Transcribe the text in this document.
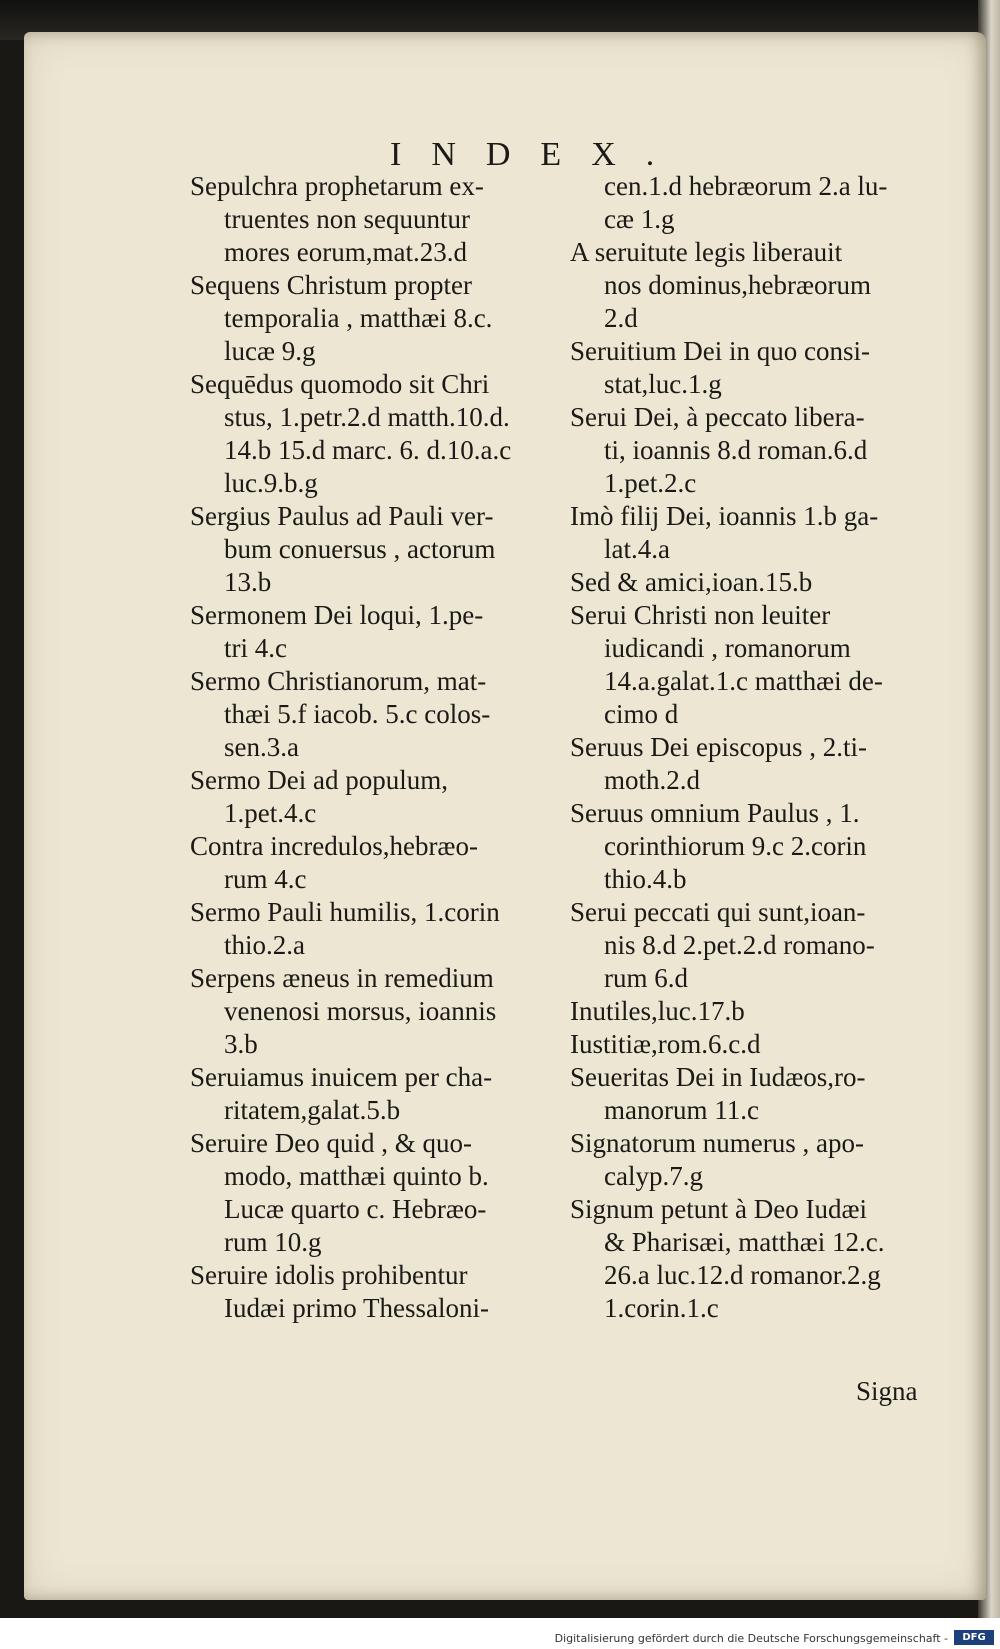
INDEX.
Sepulchra prophetarum ex-
truentes non sequuntur
mores eorum,mat.23.d
Sequens Christum propter
temporalia , matthæi 8.c.
lucæ 9.g
Sequēdus quomodo sit Chri
stus, 1.petr.2.d matth.10.d.
14.b 15.d marc. 6. d.10.a.c
luc.9.b.g
Sergius Paulus ad Pauli ver-
bum conuersus , actorum
13.b
Sermonem Dei loqui, 1.pe-
tri 4.c
Sermo Christianorum, mat-
thæi 5.f iacob. 5.c colos-
sen.3.a
Sermo Dei ad populum,
1.pet.4.c
Contra incredulos,hebræo-
rum 4.c
Sermo Pauli humilis, 1.corin
thio.2.a
Serpens æneus in remedium
venenosi morsus, ioannis
3.b
Seruiamus inuicem per cha-
ritatem,galat.5.b
Seruire Deo quid , & quo-
modo, matthæi quinto b.
Lucæ quarto c. Hebræo-
rum 10.g
Seruire idolis prohibentur
Iudæi primo Thessaloni-
cen.1.d hebræorum 2.a lu-
cæ 1.g
A seruitute legis liberauit
nos dominus,hebræorum
2.d
Seruitium Dei in quo consi-
stat,luc.1.g
Serui Dei, à peccato libera-
ti, ioannis 8.d roman.6.d
1.pet.2.c
Imò filij Dei, ioannis 1.b ga-
lat.4.a
Sed & amici,ioan.15.b
Serui Christi non leuiter
iudicandi , romanorum
14.a.galat.1.c matthæi de-
cimo d
Seruus Dei episcopus , 2.ti-
moth.2.d
Seruus omnium Paulus , 1.
corinthiorum 9.c 2.corin
thio.4.b
Serui peccati qui sunt,ioan-
nis 8.d 2.pet.2.d romano-
rum 6.d
Inutiles,luc.17.b
Iustitiæ,rom.6.c.d
Seueritas Dei in Iudæos,ro-
manorum 11.c
Signatorum numerus , apo-
calyp.7.g
Signum petunt à Deo Iudæi
& Pharisæi, matthæi 12.c.
26.a luc.12.d romanor.2.g
1.corin.1.c
Signa
Digitalisierung gefördert durch die Deutsche Forschungsgemeinschaft -	DFG
